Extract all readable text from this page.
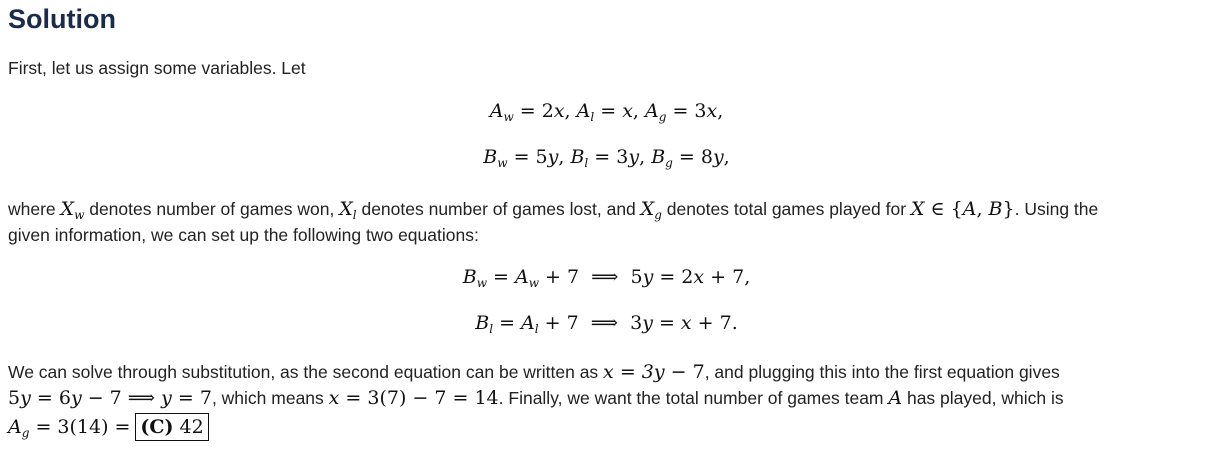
Solution
First, let us assign some variables. Let
$A_w = 2x$, $A_l = x$, $A_g = 3x$,
$B_w = 5y$, $B_l = 3y$, $B_g = 8y$,
where $X_w$ denotes number of games won, $X_l$ denotes number of games lost, and $X_g$ denotes total games played for X ∈ {A, B}. Using the
given information, we can set up the following two equations:
$B_w = A_w + 7$  ⟹  5y = 2x + 7,
$B_l = A_l + 7$  ⟹  3y = x + 7.
We can solve through substitution, as the second equation can be written as x = 3y − 7, and plugging this into the first equation gives
5y = 6y − 7 ⟹ y = 7, which means x = 3(7) − 7 = 14. Finally, we want the total number of games team A has played, which is
$A_g = 3(14) = (C)$ 42
